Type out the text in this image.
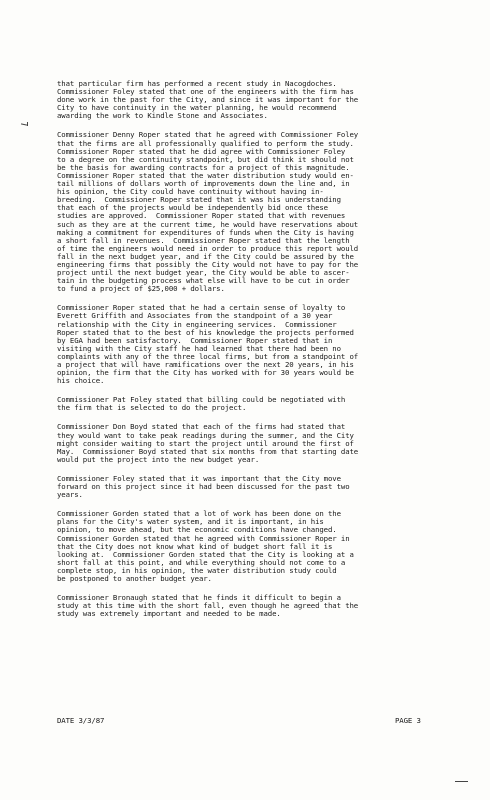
that particular firm has performed a recent study in Nacogdoches.
Commissioner Foley stated that one of the engineers with the firm has
done work in the past for the City, and since it was important for the
City to have continuity in the water planning, he would recommend
awarding the work to Kindle Stone and Associates.

Commissioner Denny Roper stated that he agreed with Commissioner Foley
that the firms are all professionally qualified to perform the study.
Commissioner Roper stated that he did agree with Commissioner Foley
to a degree on the continuity standpoint, but did think it should not
be the basis for awarding contracts for a project of this magnitude.
Commissioner Roper stated that the water distribution study would en-
tail millions of dollars worth of improvements down the line and, in
his opinion, the City could have continuity without having in-
breeding.  Commissioner Roper stated that it was his understanding
that each of the projects would be independently bid once these
studies are approved.  Commissioner Roper stated that with revenues
such as they are at the current time, he would have reservations about
making a commitment for expenditures of funds when the City is having
a short fall in revenues.  Commissioner Roper stated that the length
of time the engineers would need in order to produce this report would
fall in the next budget year, and if the City could be assured by the
engineering firms that possibly the City would not have to pay for the
project until the next budget year, the City would be able to ascer-
tain in the budgeting process what else will have to be cut in order
to fund a project of $25,000 + dollars.

Commissioner Roper stated that he had a certain sense of loyalty to
Everett Griffith and Associates from the standpoint of a 30 year
relationship with the City in engineering services.  Commissioner
Roper stated that to the best of his knowledge the projects performed
by EGA had been satisfactory.  Commissioner Roper stated that in
visiting with the City staff he had learned that there had been no
complaints with any of the three local firms, but from a standpoint of
a project that will have ramifications over the next 20 years, in his
opinion, the firm that the City has worked with for 30 years would be
his choice.

Commissioner Pat Foley stated that billing could be negotiated with
the firm that is selected to do the project.

Commissioner Don Boyd stated that each of the firms had stated that
they would want to take peak readings during the summer, and the City
might consider waiting to start the project until around the first of
May.  Commissioner Boyd stated that six months from that starting date
would put the project into the new budget year.

Commissioner Foley stated that it was important that the City move
forward on this project since it had been discussed for the past two
years.

Commissioner Gorden stated that a lot of work has been done on the
plans for the City's water system, and it is important, in his
opinion, to move ahead, but the economic conditions have changed.
Commissioner Gorden stated that he agreed with Commissioner Roper in
that the City does not know what kind of budget short fall it is
looking at.  Commissioner Gorden stated that the City is looking at a
short fall at this point, and while everything should not come to a
complete stop, in his opinion, the water distribution study could
be postponed to another budget year.

Commissioner Bronaugh stated that he finds it difficult to begin a
study at this time with the short fall, even though he agreed that the
study was extremely important and needed to be made.

DATE 3/3/87	PAGE 3
